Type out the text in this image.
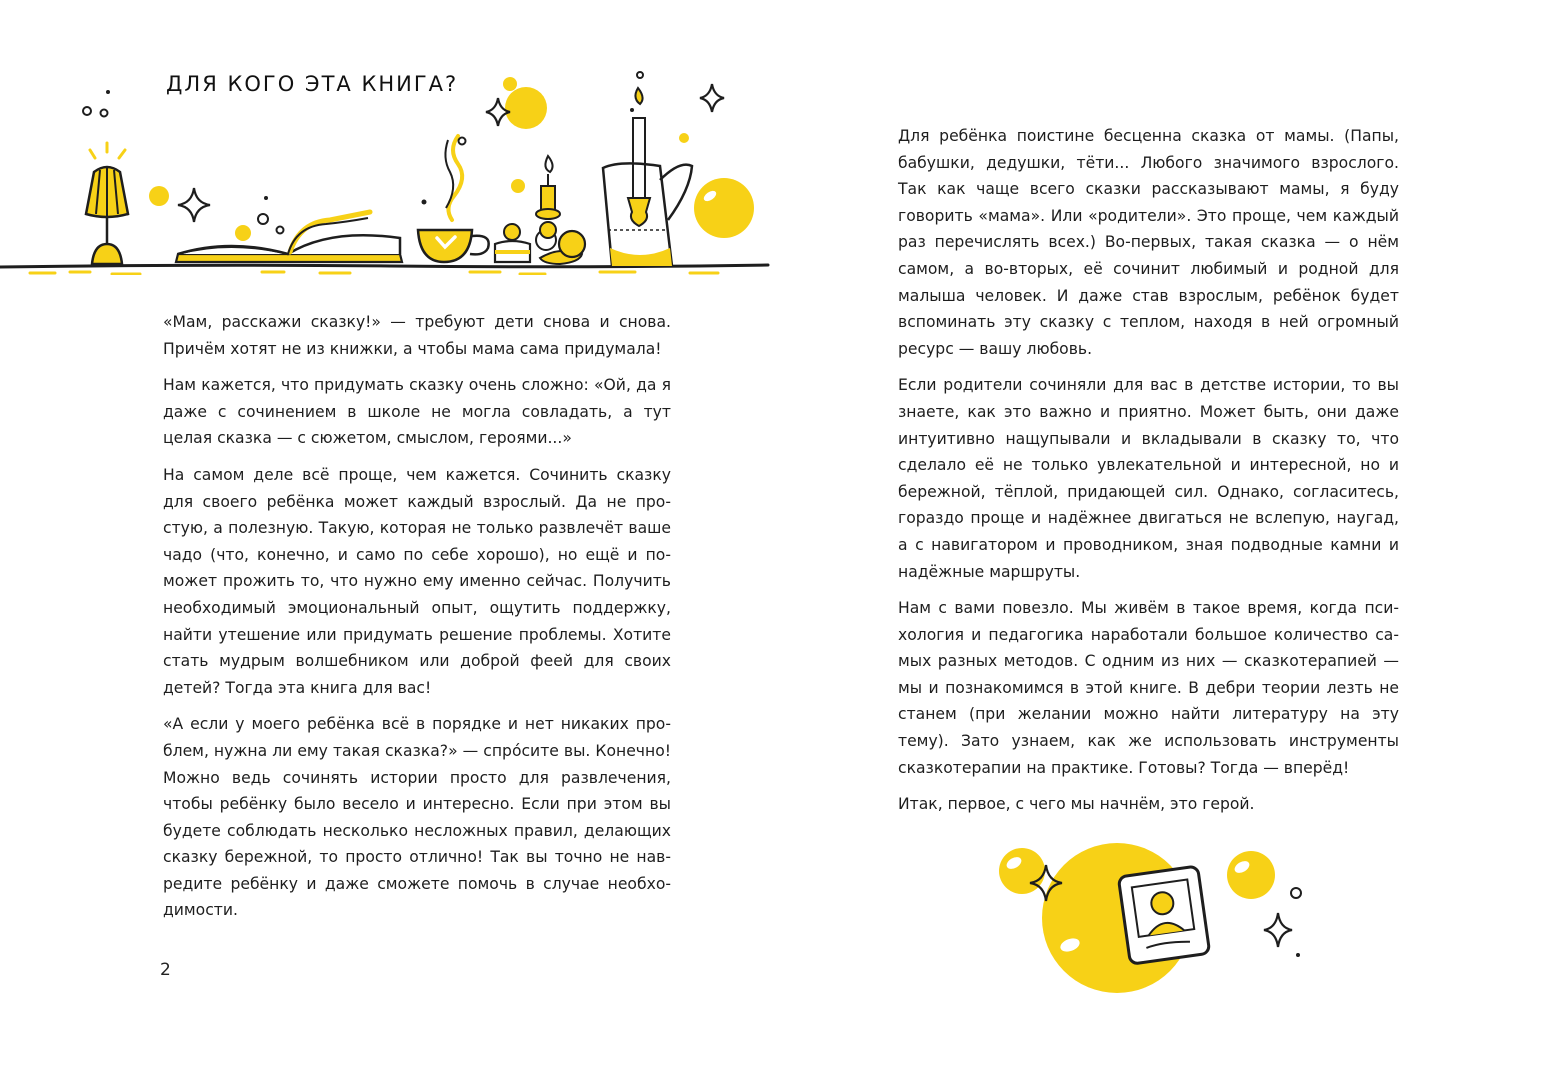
ДЛЯ КОГО ЭТА КНИГА?

«Мам, расскажи сказку!» — требуют дети снова и снова. Причём хотят не из книжки, а чтобы мама сама придумала!

Нам кажется, что придумать сказку очень сложно: «Ой, да я даже с сочинением в школе не могла совладать, а тут целая сказка — с сюжетом, смыслом, героями...»

На самом деле всё проще, чем кажется. Сочинить сказку для своего ребёнка может каждый взрослый. Да не простую, а полезную. Такую, которая не только развлечёт ваше чадо (что, конечно, и само по себе хорошо), но ещё и поможет прожить то, что нужно ему именно сейчас. Получить необходимый эмоциональный опыт, ощутить поддержку, найти утешение или придумать решение проблемы. Хотите стать мудрым волшебником или доброй феей для своих детей? Тогда эта книга для вас!

«А если у моего ребёнка всё в порядке и нет никаких проблем, нужна ли ему такая сказка?» — спро́сите вы. Конечно! Можно ведь сочинять истории просто для развлечения, чтобы ребёнку было весело и интересно. Если при этом вы будете соблюдать несколько несложных правил, делающих сказку бережной, то просто отлично! Так вы точно не навредите ребёнку и даже сможете помочь в случае необходимости.

2

Для ребёнка поистине бесценна сказка от мамы. (Папы, бабушки, дедушки, тёти... Любого значимого взрослого. Так как чаще всего сказки рассказывают мамы, я буду говорить «мама». Или «родители». Это проще, чем каждый раз перечислять всех.) Во-первых, такая сказка — о нём самом, а во-вторых, её сочинит любимый и родной для малыша человек. И даже став взрослым, ребёнок будет вспоминать эту сказку с теплом, находя в ней огромный ресурс — вашу любовь.

Если родители сочиняли для вас в детстве истории, то вы знаете, как это важно и приятно. Может быть, они даже интуитивно нащупывали и вкладывали в сказку то, что сделало её не только увлекательной и интересной, но и бережной, тёплой, придающей сил. Однако, согласитесь, гораздо проще и надёжнее двигаться не вслепую, наугад, а с навигатором и проводником, зная подводные камни и надёжные маршруты.

Нам с вами повезло. Мы живём в такое время, когда психология и педагогика наработали большое количество самых разных методов. С одним из них — сказкотерапией — мы и познакомимся в этой книге. В дебри теории лезть не станем (при желании можно найти литературу на эту тему). Зато узнаем, как же использовать инструменты сказкотерапии на практике. Готовы? Тогда — вперёд!

Итак, первое, с чего мы начнём, это герой.
